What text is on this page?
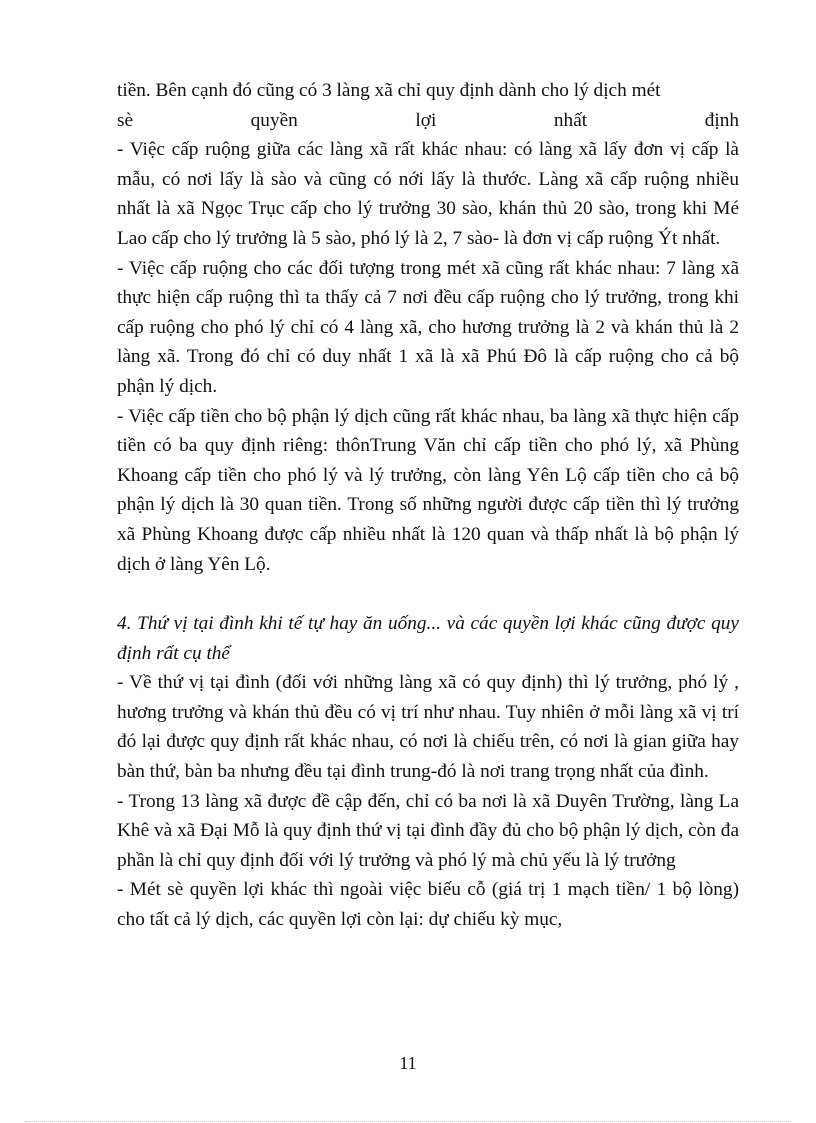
tiền. Bên cạnh đó cũng có 3 làng xã chỉ quy định dành cho lý dịch mét

sè quyền lợi nhất định

- Việc cấp ruộng giữa các làng xã rất khác nhau: có làng xã lấy đơn vị cấp là mẫu, có nơi lấy là sào và cũng có nới lấy là thước. Làng xã cấp ruộng nhiều nhất là xã Ngọc Trục cấp cho lý trưởng 30 sào, khán thủ 20 sào, trong khi Mé Lao cấp cho lý trưởng là 5 sào, phó lý là 2, 7 sào- là đơn vị cấp ruộng Ýt nhất.

- Việc cấp ruộng cho các đối tượng trong mét xã cũng rất khác nhau: 7 làng xã thực hiện cấp ruộng thì ta thấy cả 7 nơi đều cấp ruộng cho lý trưởng, trong khi cấp ruộng cho phó lý chỉ có 4 làng xã, cho hương trưởng là 2 và khán thủ là 2 làng xã. Trong đó chỉ có duy nhất 1 xã là xã Phú Đô là cấp ruộng cho cả bộ phận lý dịch.

- Việc cấp tiền cho bộ phận lý dịch cũng rất khác nhau, ba làng xã thực hiện cấp tiền có ba quy định riêng: thônTrung Văn chỉ cấp tiền cho phó lý, xã Phùng Khoang cấp tiền cho phó lý và lý trưởng, còn làng Yên Lộ cấp tiền cho cả bộ phận lý dịch là 30 quan tiền. Trong số những người được cấp tiền thì lý trưởng xã Phùng Khoang được cấp nhiều nhất là 120 quan và thấp nhất là bộ phận lý dịch ở làng Yên Lộ.

4. Thứ vị tại đình khi tế tự hay ăn uống... và các quyền lợi khác cũng được quy định rất cụ thể

- Về thứ vị tại đình (đối với những làng xã có quy định) thì lý trưởng, phó lý , hương trưởng và khán thủ đều có vị trí như nhau. Tuy nhiên ở mỗi làng xã vị trí đó lại được quy định rất khác nhau, có nơi là chiếu trên, có nơi là gian giữa hay bàn thứ, bàn ba nhưng đều tại đình trung-đó là nơi trang trọng nhất của đình.

- Trong 13 làng xã được đề cập đến, chỉ có ba nơi là xã Duyên Trường, làng La Khê và xã Đại Mỗ là quy định thứ vị tại đình đầy đủ cho bộ phận lý dịch, còn đa phần là chỉ quy định đối với lý trưởng và phó lý mà chủ yếu là lý trưởng

- Mét sè quyền lợi khác thì ngoài việc biếu cỗ (giá trị 1 mạch tiền/ 1 bộ lòng) cho tất cả lý dịch, các quyền lợi còn lại: dự chiếu kỳ mục,

11
